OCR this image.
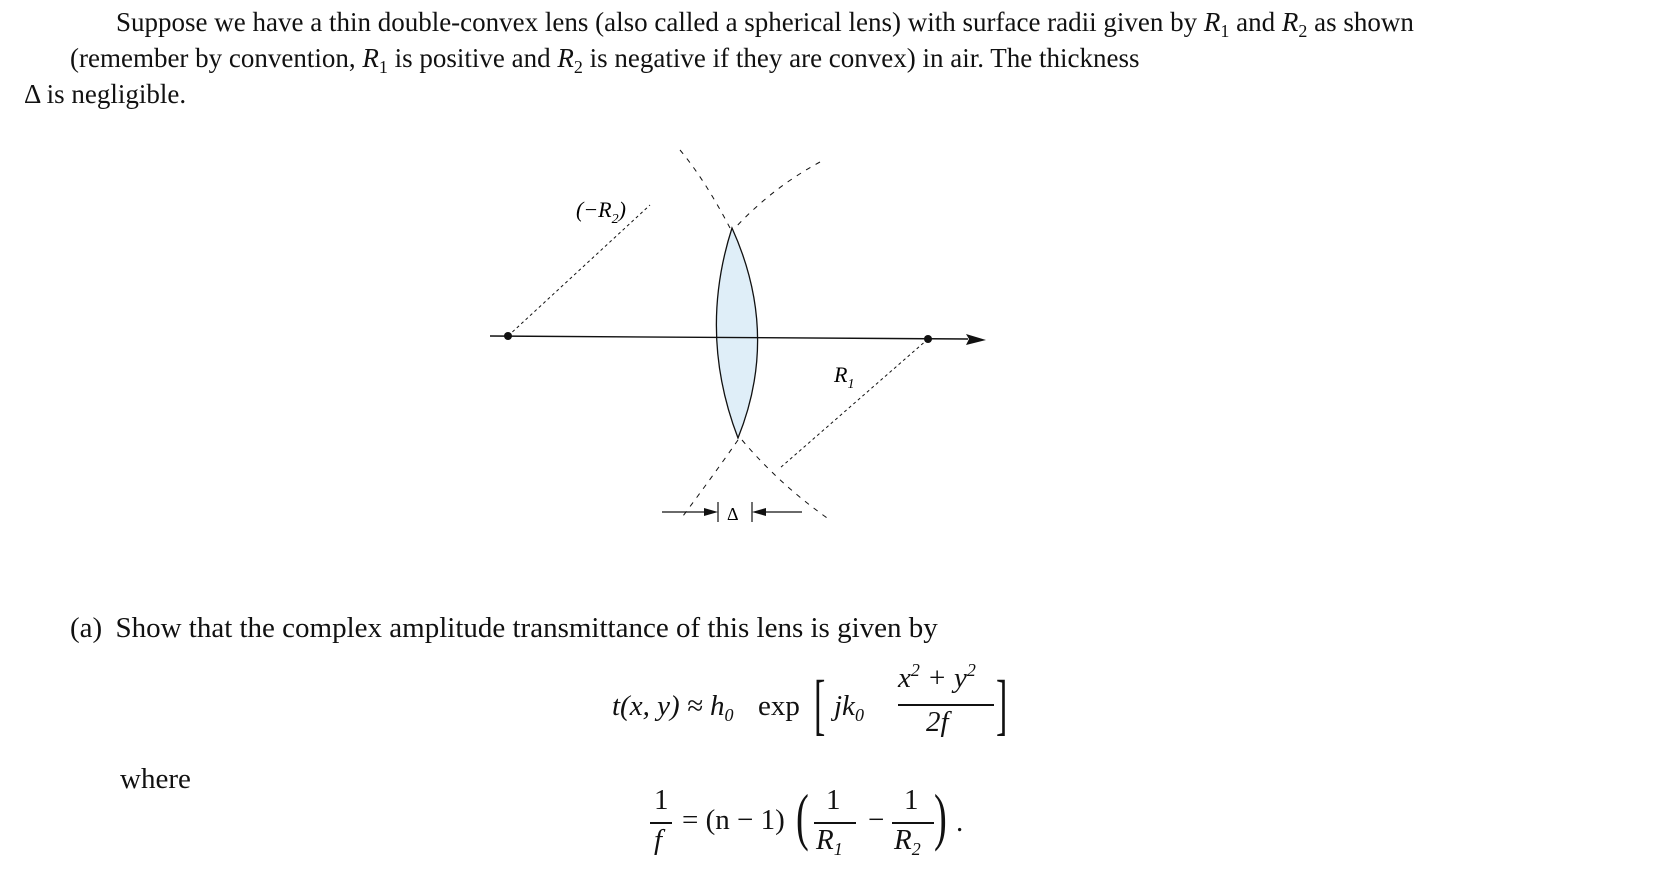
Suppose we have a thin double-convex lens (also called a spherical lens) with surface radii given by $R_1$ and $R_2$ as shown (remember by convention, $R_1$ is positive and $R_2$ is negative if they are convex) in air. The thickness
Δ is negligible.
$(-R_2)$
$R_1$
Δ
(a) Show that the complex amplitude transmittance of this lens is given by
t(x, $y) \approx h_0$ exp [ $jk_0$
$x^2 + y^2$
2f ]
where
1
f
= (n − 1) ( 1
$R_1$
−
1
$R_2$ ) .
